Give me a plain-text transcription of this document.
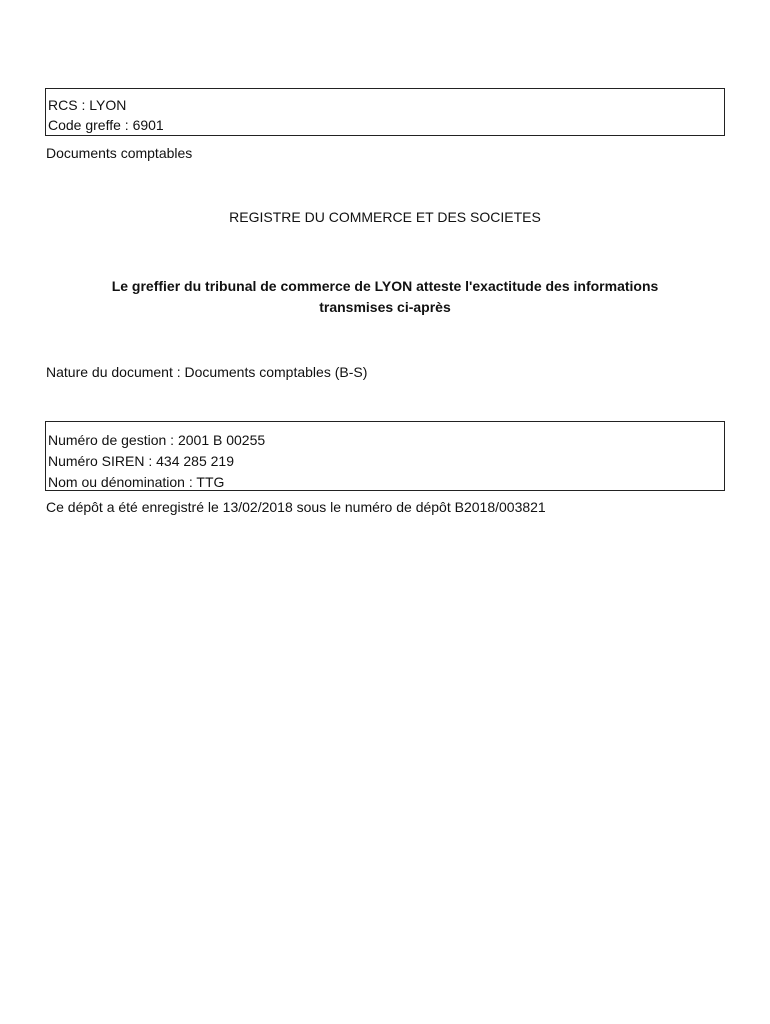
RCS : LYON
Code greffe : 6901
Documents comptables
REGISTRE DU COMMERCE ET DES SOCIETES
Le greffier du tribunal de commerce de LYON atteste l'exactitude des informations
transmises ci-après
Nature du document : Documents comptables (B-S)
Numéro de gestion : 2001 B 00255
Numéro SIREN : 434 285 219
Nom ou dénomination : TTG
Ce dépôt a été enregistré le 13/02/2018 sous le numéro de dépôt B2018/003821
